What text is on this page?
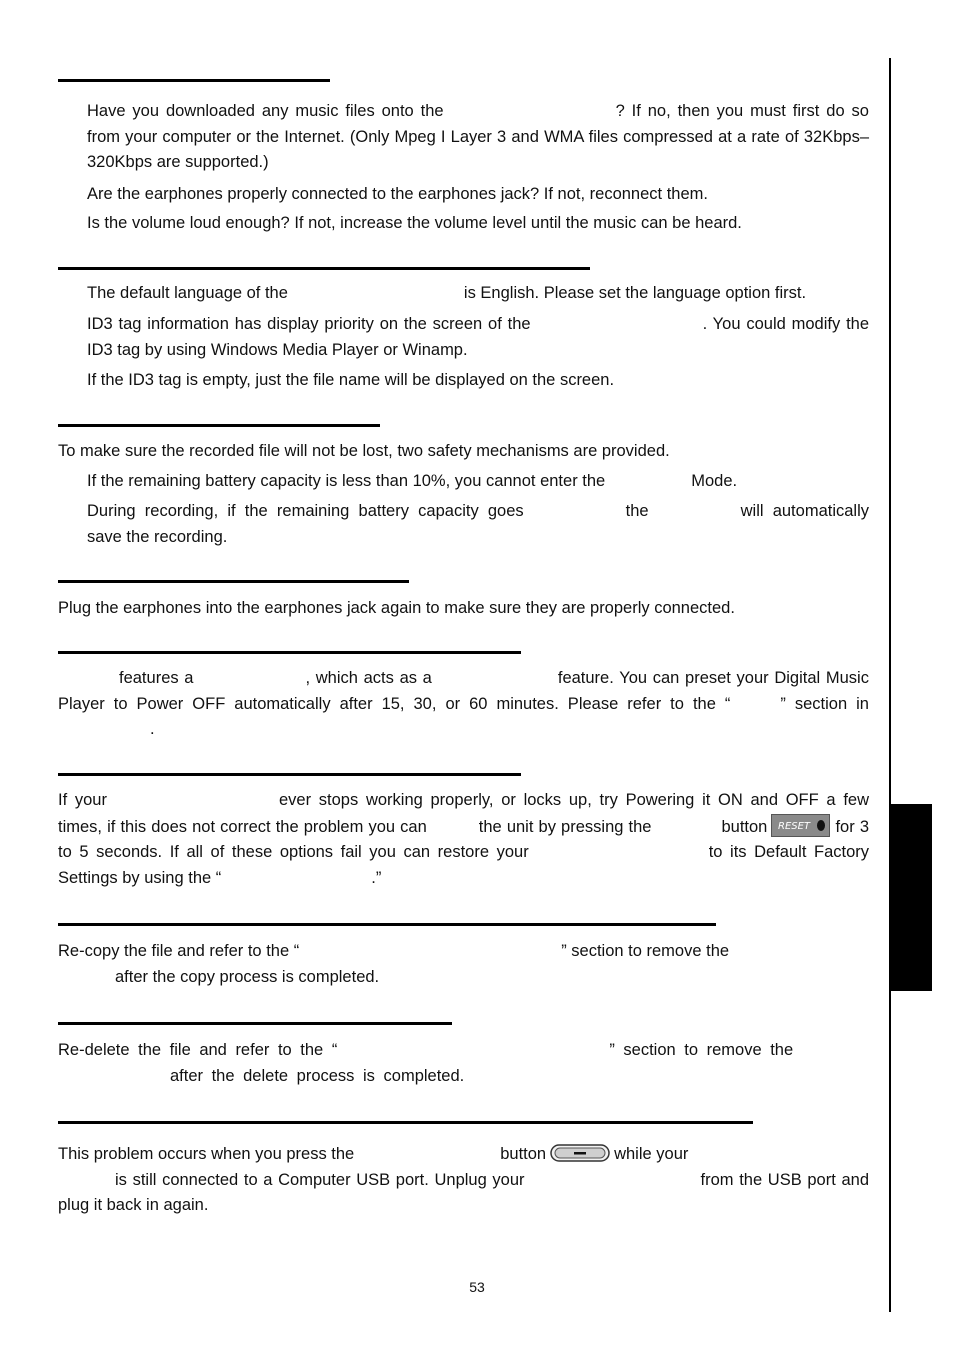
Have you downloaded any music files onto the	? If no, then you must first do so from your computer or the Internet. (Only Mpeg I Layer 3 and WMA files compressed at a rate of 32Kbps–320Kbps are supported.)

Are the earphones properly connected to the earphones jack? If not, reconnect them.

Is the volume loud enough? If not, increase the volume level until the music can be heard.

The default language of the	is English. Please set the language option first.

ID3 tag information has display priority on the screen of the	. You could modify the ID3 tag by using Windows Media Player or Winamp.

If the ID3 tag is empty, just the file name will be displayed on the screen.

To make sure the recorded file will not be lost, two safety mechanisms are provided.

If the remaining battery capacity is less than 10%, you cannot enter the	Mode.

During recording, if the remaining battery capacity goes	the	will automatically save the recording.

Plug the earphones into the earphones jack again to make sure they are properly connected.

features a	, which acts as a	feature. You can preset your Digital Music Player to Power OFF automatically after 15, 30, or 60 minutes. Please refer to the “	” section in.

If your	ever stops working properly, or locks up, try Powering it ON and OFF a few times, if this does not correct the problem you can	the unit by pressing the	button RESET for 3 to 5 seconds. If all of these options fail you can restore your	to its Default Factory Settings by using the “	.”

Re-copy the file and refer to the “	” section to remove the
after the copy process is completed.

Re-delete the file and refer to the “	” section to remove the
after the delete process is completed.

This problem occurs when you press the	button	while your
is still connected to a Computer USB port. Unplug your	from the USB port and plug it back in again.

53
